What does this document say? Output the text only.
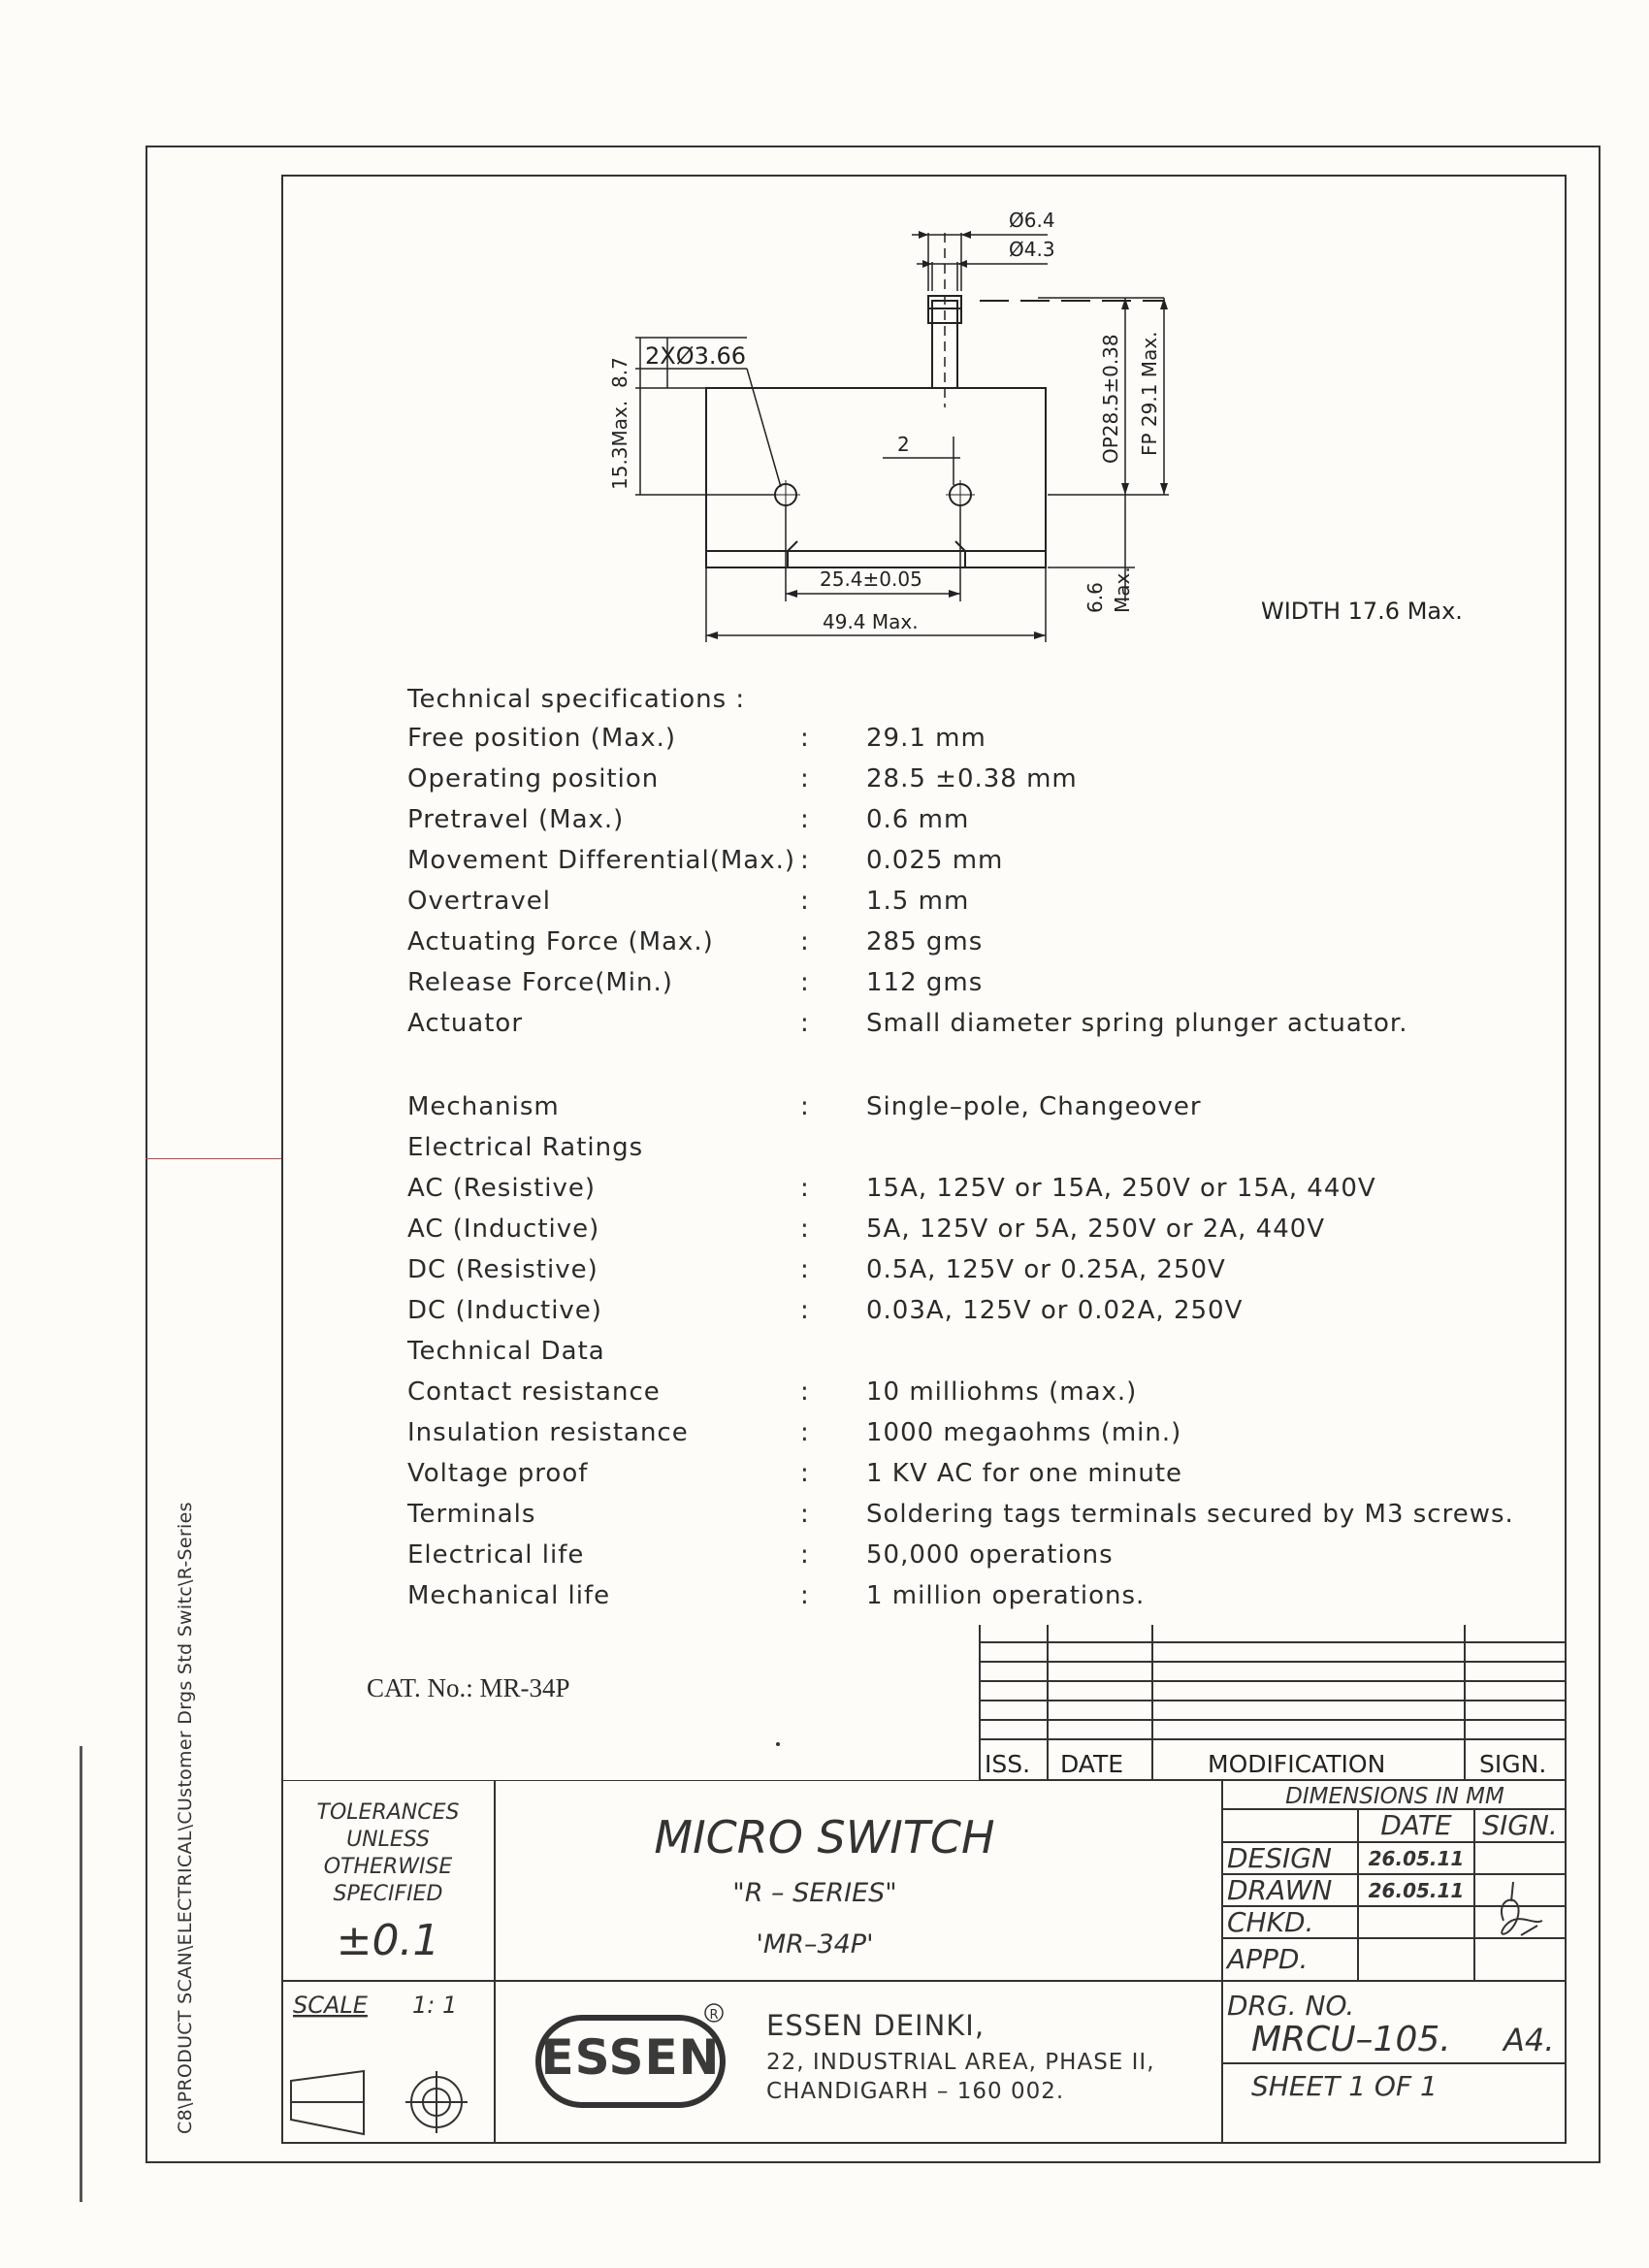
C8\PRODUCT SCAN\ELECTRICAL\CUstomer Drgs Std Switc\R-Series
Ø6.4
Ø4.3
2XØ3.66
8.7
15.3Max.	2	OP28.5±0.38 FP 29.1 Max.
25.4±0.05
49.4 Max.
6.6 Max.	WIDTH 17.6 Max.
Technical specifications :
Free position (Max.)	: 29.1 mm
Operating position	: 28.5 ±0.38 mm
Pretravel (Max.)	: 0.6 mm
Movement Differential(Max.) : 0.025 mm
Overtravel	: 1.5 mm
Actuating Force (Max.)	: 285 gms
Release Force(Min.)	: 112 gms
Actuator	: Small diameter spring plunger actuator.
Mechanism	: Single–pole, Changeover
Electrical Ratings
AC (Resistive)	: 15A, 125V or 15A, 250V or 15A, 440V
AC (Inductive)	: 5A, 125V or 5A, 250V or 2A, 440V
DC (Resistive)	: 0.5A, 125V or 0.25A, 250V
DC (Inductive)	: 0.03A, 125V or 0.02A, 250V
Technical Data
Contact resistance	: 10 milliohms (max.)
Insulation resistance	: 1000 megaohms (min.)
Voltage proof	: 1 KV AC for one minute
Terminals	: Soldering tags terminals secured by M3 screws.
Electrical life	: 50,000 operations
Mechanical life	: 1 million operations.
CAT. No.: MR-34P
ISS. DATE	MODIFICATION	SIGN.
R
ESSEN
TOLERANCES
UNLESS
OTHERWISE
SPECIFIED
±0.1
MICRO SWITCH
"R – SERIES"
'MR–34P'
DIMENSIONS IN MM
DATE SIGN.
DESIGN 26.05.11
DRAWN 26.05.11
CHKD.
APPD.
SCALE 1: 1	DRG. NO.
MRCU–105. A4.
SHEET 1 OF 1
ESSEN DEINKI,
22, INDUSTRIAL AREA, PHASE II,
CHANDIGARH – 160 002.
